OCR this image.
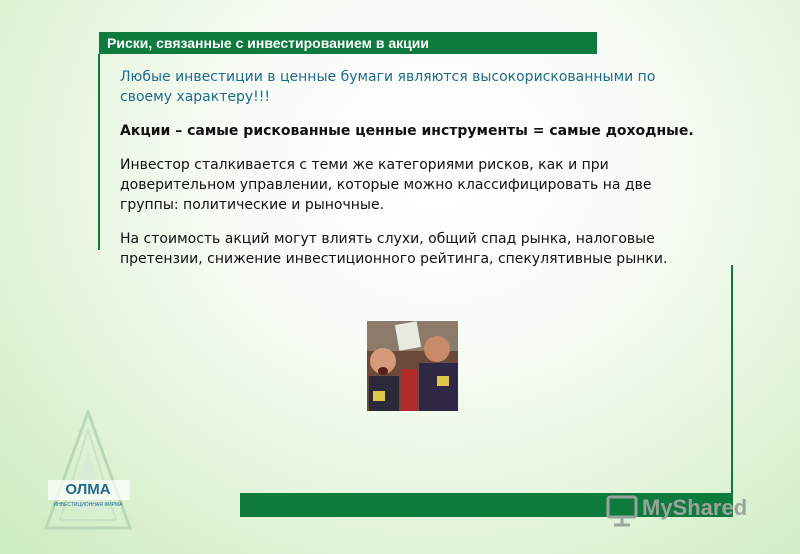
Риски, связанные с инвестированием в акции

Любые инвестиции в ценные бумаги являются высокорискованными по своему характеру!!!

Акции – самые рискованные ценные инструменты = самые доходные.

Инвестор сталкивается с теми же категориями рисков, как и при доверительном управлении, которые можно классифицировать на две группы: политические и рыночные.

На стоимость акций могут влиять слухи, общий спад рынка, налоговые претензии, снижение инвестиционного рейтинга, спекулятивные рынки.

ОЛМА
ИНВЕСТИЦИОННАЯ ФИРМА	MyShared
